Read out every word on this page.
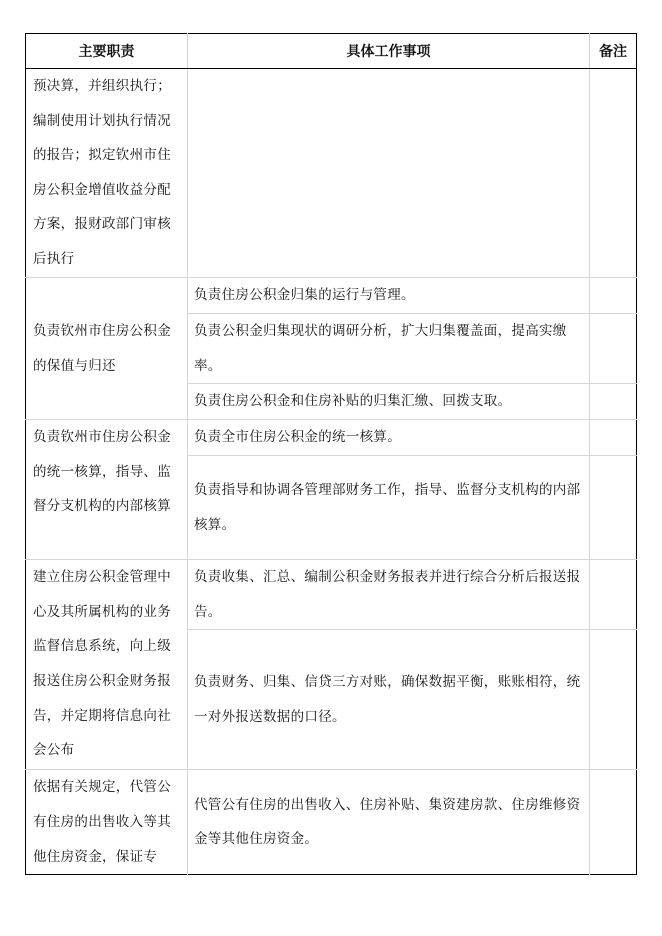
主要职责	具体工作事项	备注
预决算，并组织执行；编制使用计划执行情况的报告；拟定钦州市住房公积金增值收益分配方案，报财政部门审核后执行		
负责钦州市住房公积金的保值与归还	负责住房公积金归集的运行与管理。	
	负责公积金归集现状的调研分析，扩大归集覆盖面，提高实缴率。	
	负责住房公积金和住房补贴的归集汇缴、回拨支取。	
负责钦州市住房公积金的统一核算，指导、监督分支机构的内部核算	负责全市住房公积金的统一核算。	
	负责指导和协调各管理部财务工作，指导、监督分支机构的内部核算。	
建立住房公积金管理中心及其所属机构的业务监督信息系统，向上级报送住房公积金财务报告，并定期将信息向社会公布	负责收集、汇总、编制公积金财务报表并进行综合分析后报送报告。	
	负责财务、归集、信贷三方对账，确保数据平衡，账账相符，统一对外报送数据的口径。	
依据有关规定，代管公有住房的出售收入等其他住房资金，保证专	代管公有住房的出售收入、住房补贴、集资建房款、住房维修资金等其他住房资金。	
